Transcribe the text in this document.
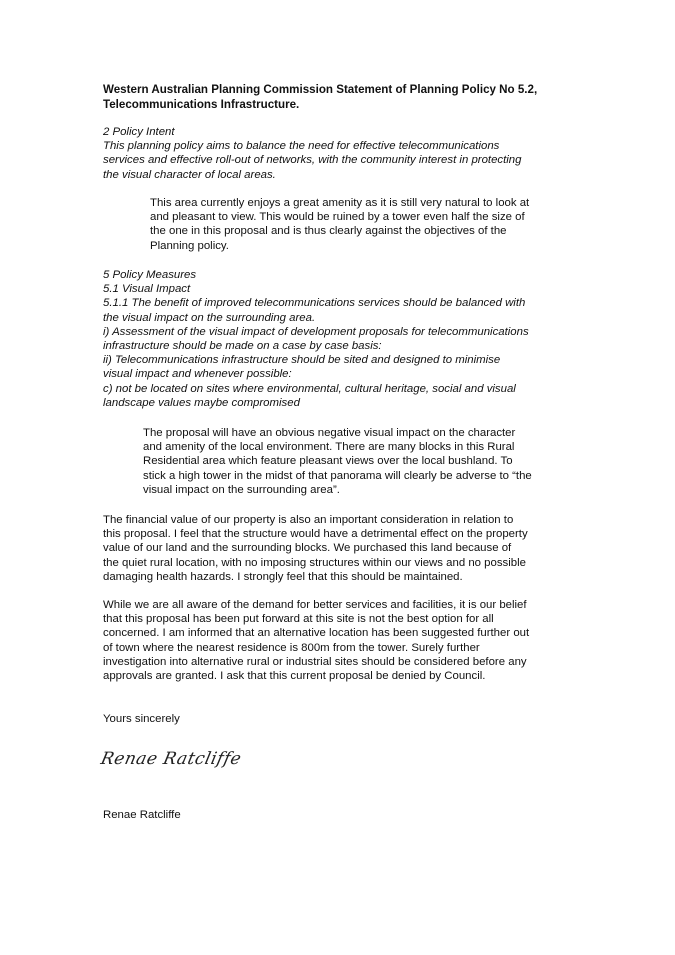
Western Australian Planning Commission Statement of Planning Policy No 5.2,

Telecommunications Infrastructure.

2 Policy Intent

This planning policy aims to balance the need for effective telecommunications

services and effective roll-out of networks, with the community interest in protecting

the visual character of local areas.

This area currently enjoys a great amenity as it is still very natural to look at

and pleasant to view. This would be ruined by a tower even half the size of

the one in this proposal and is thus clearly against the objectives of the

Planning policy.

5 Policy Measures

5.1 Visual Impact

5.1.1 The benefit of improved telecommunications services should be balanced with

the visual impact on the surrounding area.

i) Assessment of the visual impact of development proposals for telecommunications

infrastructure should be made on a case by case basis:

ii) Telecommunications infrastructure should be sited and designed to minimise

visual impact and whenever possible:

c) not be located on sites where environmental, cultural heritage, social and visual

landscape values maybe compromised

The proposal will have an obvious negative visual impact on the character

and amenity of the local environment. There are many blocks in this Rural

Residential area which feature pleasant views over the local bushland. To

stick a high tower in the midst of that panorama will clearly be adverse to “the

visual impact on the surrounding area”.

The financial value of our property is also an important consideration in relation to

this proposal. I feel that the structure would have a detrimental effect on the property

value of our land and the surrounding blocks. We purchased this land because of

the quiet rural location, with no imposing structures within our views and no possible

damaging health hazards. I strongly feel that this should be maintained.

While we are all aware of the demand for better services and facilities, it is our belief

that this proposal has been put forward at this site is not the best option for all

concerned. I am informed that an alternative location has been suggested further out

of town where the nearest residence is 800m from the tower. Surely further

investigation into alternative rural or industrial sites should be considered before any

approvals are granted. I ask that this current proposal be denied by Council.

Yours sincerely

Renae Ratcliffe

Renae Ratcliffe
